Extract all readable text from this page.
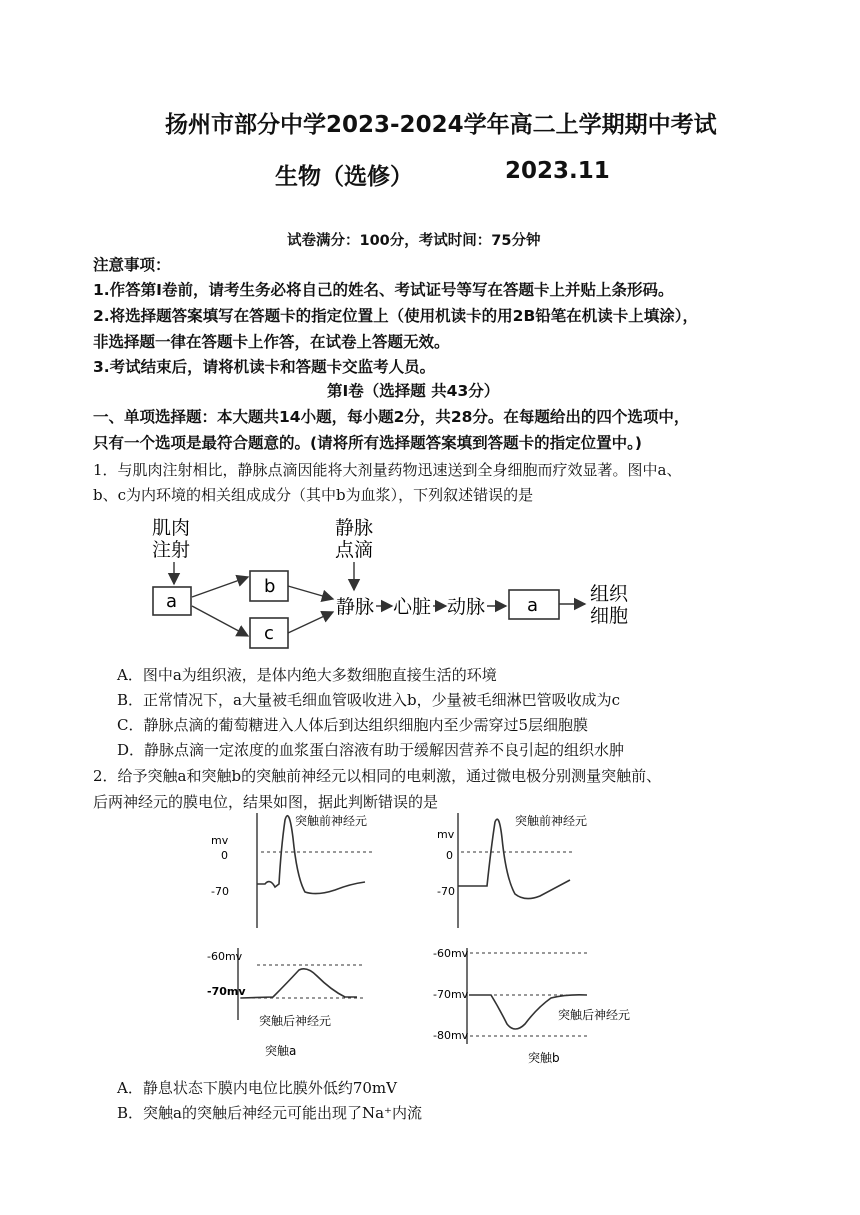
扬州市部分中学2023-2024学年高二上学期期中考试
生物（选修）	2023.11
试卷满分：100分，考试时间：75分钟
注意事项：
1.作答第Ⅰ卷前，请考生务必将自己的姓名、考试证号等写在答题卡上并贴上条形码。
2.将选择题答案填写在答题卡的指定位置上（使用机读卡的用2B铅笔在机读卡上填涂），
非选择题一律在答题卡上作答，在试卷上答题无效。
3.考试结束后，请将机读卡和答题卡交监考人员。
第Ⅰ卷（选择题 共43分）
一、单项选择题：本大题共14小题，每小题2分，共28分。在每题给出的四个选项中，
只有一个选项是最符合题意的。(请将所有选择题答案填到答题卡的指定位置中。)
1．与肌肉注射相比，静脉点滴因能将大剂量药物迅速送到全身细胞而疗效显著。图中a、
b、c为内环境的相关组成成分（其中b为血浆），下列叙述错误的是
肌肉
注射
a
b
c
静脉
点滴
静脉 心脏 动脉 a
组织
细胞
A．图中a为组织液，是体内绝大多数细胞直接生活的环境
B．正常情况下，a大量被毛细血管吸收进入b，少量被毛细淋巴管吸收成为c
C．静脉点滴的葡萄糖进入人体后到达组织细胞内至少需穿过5层细胞膜
D．静脉点滴一定浓度的血浆蛋白溶液有助于缓解因营养不良引起的组织水肿
2．给予突触a和突触b的突触前神经元以相同的电刺激，通过微电极分别测量突触前、
后两神经元的膜电位，结果如图，据此判断错误的是
mv
0
-70
突触前神经元
mv
0
-70
突触前神经元
-60mv
-70mv
突触后神经元
突触a
-60mv
-70mv
-80mv
突触后神经元
突触b
A．静息状态下膜内电位比膜外低约70mV
B．突触a的突触后神经元可能出现了Na⁺内流
